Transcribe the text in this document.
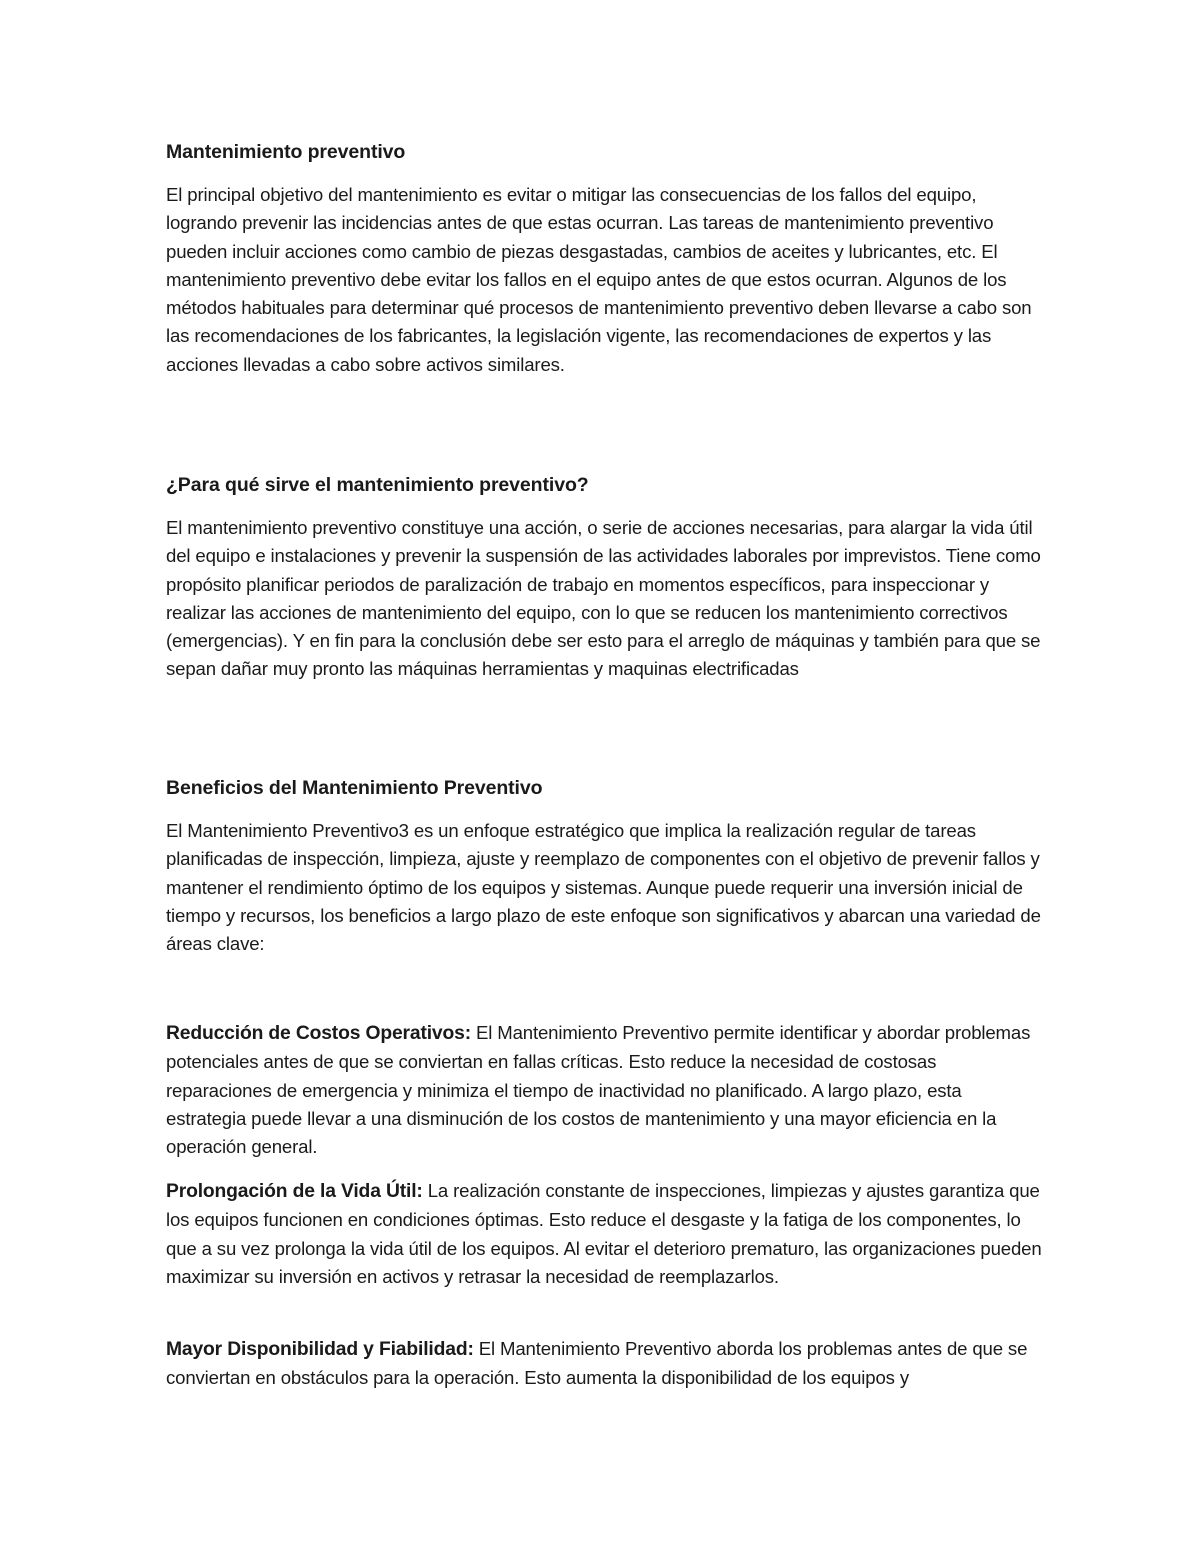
Mantenimiento preventivo

El principal objetivo del mantenimiento es evitar o mitigar las consecuencias de los fallos del equipo, logrando prevenir las incidencias antes de que estas ocurran. Las tareas de mantenimiento preventivo pueden incluir acciones como cambio de piezas desgastadas, cambios de aceites y lubricantes, etc. El mantenimiento preventivo debe evitar los fallos en el equipo antes de que estos ocurran. Algunos de los métodos habituales para determinar qué procesos de mantenimiento preventivo deben llevarse a cabo son las recomendaciones de los fabricantes, la legislación vigente, las recomendaciones de expertos y las acciones llevadas a cabo sobre activos similares.

¿Para qué sirve el mantenimiento preventivo?

El mantenimiento preventivo constituye una acción, o serie de acciones necesarias, para alargar la vida útil del equipo e instalaciones y prevenir la suspensión de las actividades laborales por imprevistos. Tiene como propósito planificar periodos de paralización de trabajo en momentos específicos, para inspeccionar y realizar las acciones de mantenimiento del equipo, con lo que se reducen los mantenimiento correctivos (emergencias). Y en fin para la conclusión debe ser esto para el arreglo de máquinas y también para que se sepan dañar muy pronto las máquinas herramientas y maquinas electrificadas

Beneficios del Mantenimiento Preventivo

El Mantenimiento Preventivo3 es un enfoque estratégico que implica la realización regular de tareas planificadas de inspección, limpieza, ajuste y reemplazo de componentes con el objetivo de prevenir fallos y mantener el rendimiento óptimo de los equipos y sistemas. Aunque puede requerir una inversión inicial de tiempo y recursos, los beneficios a largo plazo de este enfoque son significativos y abarcan una variedad de áreas clave:

Reducción de Costos Operativos: El Mantenimiento Preventivo permite identificar y abordar problemas potenciales antes de que se conviertan en fallas críticas. Esto reduce la necesidad de costosas reparaciones de emergencia y minimiza el tiempo de inactividad no planificado. A largo plazo, esta estrategia puede llevar a una disminución de los costos de mantenimiento y una mayor eficiencia en la operación general.

Prolongación de la Vida Útil: La realización constante de inspecciones, limpiezas y ajustes garantiza que los equipos funcionen en condiciones óptimas. Esto reduce el desgaste y la fatiga de los componentes, lo que a su vez prolonga la vida útil de los equipos. Al evitar el deterioro prematuro, las organizaciones pueden maximizar su inversión en activos y retrasar la necesidad de reemplazarlos.

Mayor Disponibilidad y Fiabilidad: El Mantenimiento Preventivo aborda los problemas antes de que se conviertan en obstáculos para la operación. Esto aumenta la disponibilidad de los equipos y
